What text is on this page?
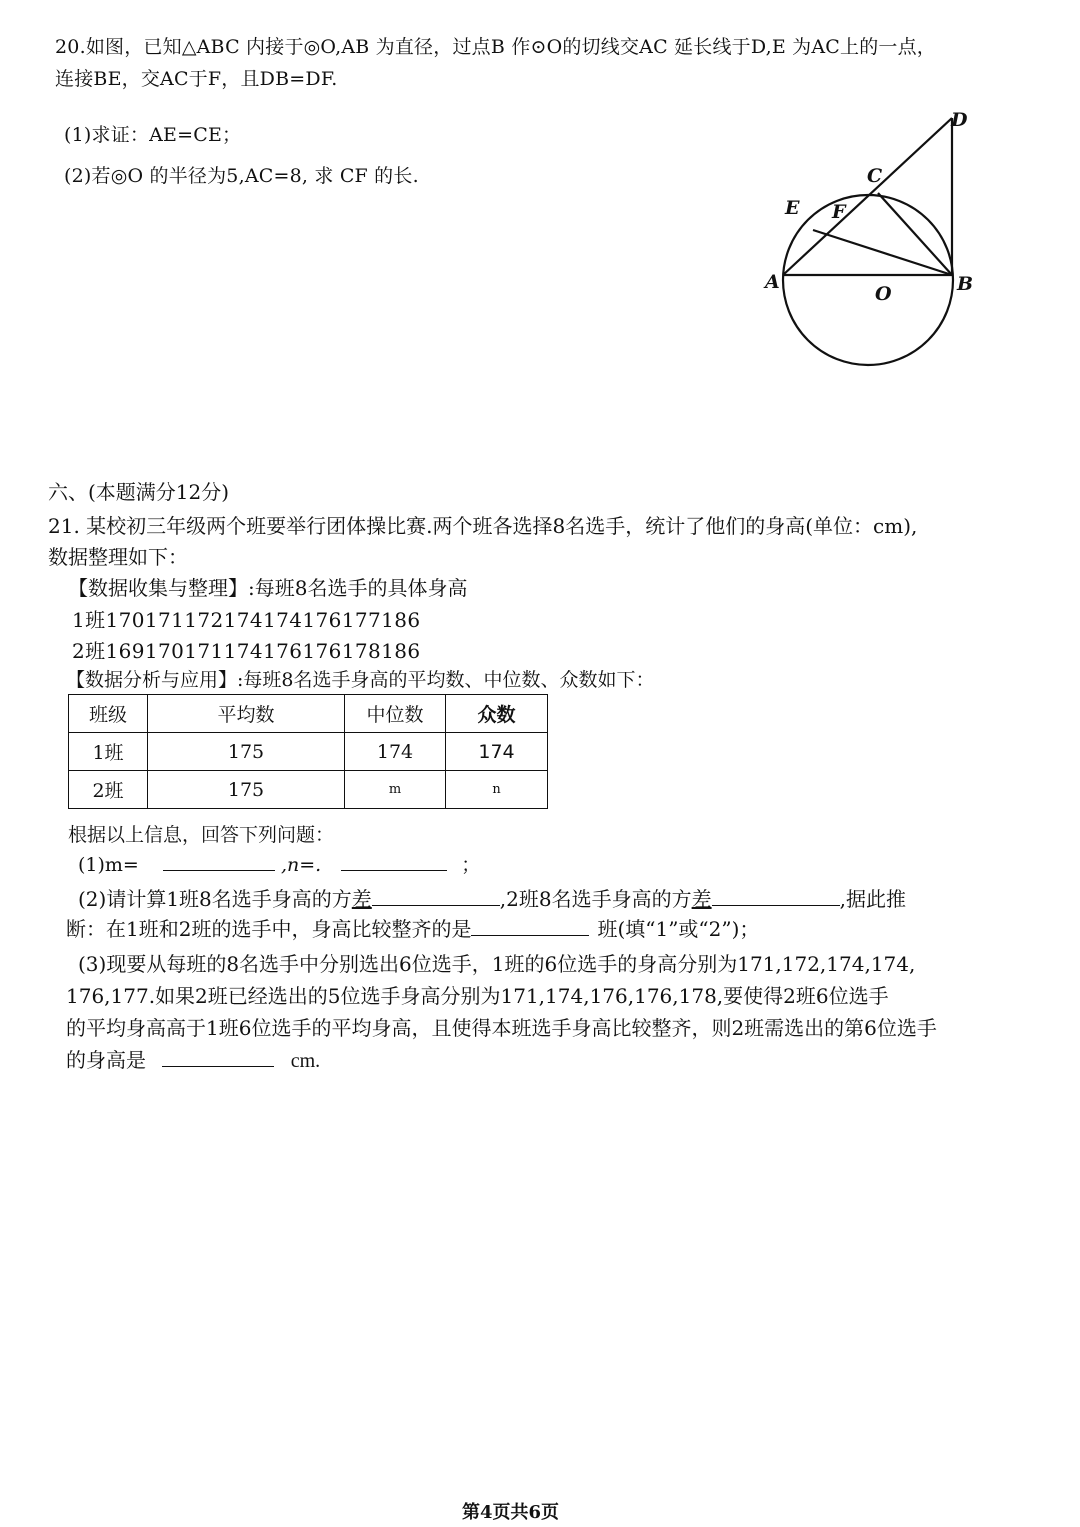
20.如图，已知△ABC 内接于◎O,AB 为直径，过点B 作⊙O的切线交AC 延长线于D,E 为AC上的一点，
连接BE，交AC于F，且DB=DF.
(1)求证：AE=CE；
(2)若◎O 的半径为5,AC=8, 求 CF 的长.
D
C
E F
A
O	B
六、(本题满分12分)
21. 某校初三年级两个班要举行团体操比赛.两个班各选择8名选手，统计了他们的身高(单位：cm),
数据整理如下：
【数据收集与整理】:每班8名选手的具体身高
1班170171172174174176177186
2班169170171174176176178186
【数据分析与应用】:每班8名选手身高的平均数、中位数、众数如下：
班级	平均数	中位数	众数
1班	175	174	174
2班	175	m	n
根据以上信息，回答下列问题：
(1)m=	,n=.	；
(2)请计算1班8名选手身高的方差	,2班8名选手身高的方差	,据此推
断：在1班和2班的选手中，身高比较整齐的是	班(填“1”或“2”)；
(3)现要从每班的8名选手中分别选出6位选手，1班的6位选手的身高分别为171,172,174,174,
176,177.如果2班已经选出的5位选手身高分别为171,174,176,176,178,要使得2班6位选手
的平均身高高于1班6位选手的平均身高，且使得本班选手身高比较整齐，则2班需选出的第6位选手
的身高是	cm.
第4页共6页
